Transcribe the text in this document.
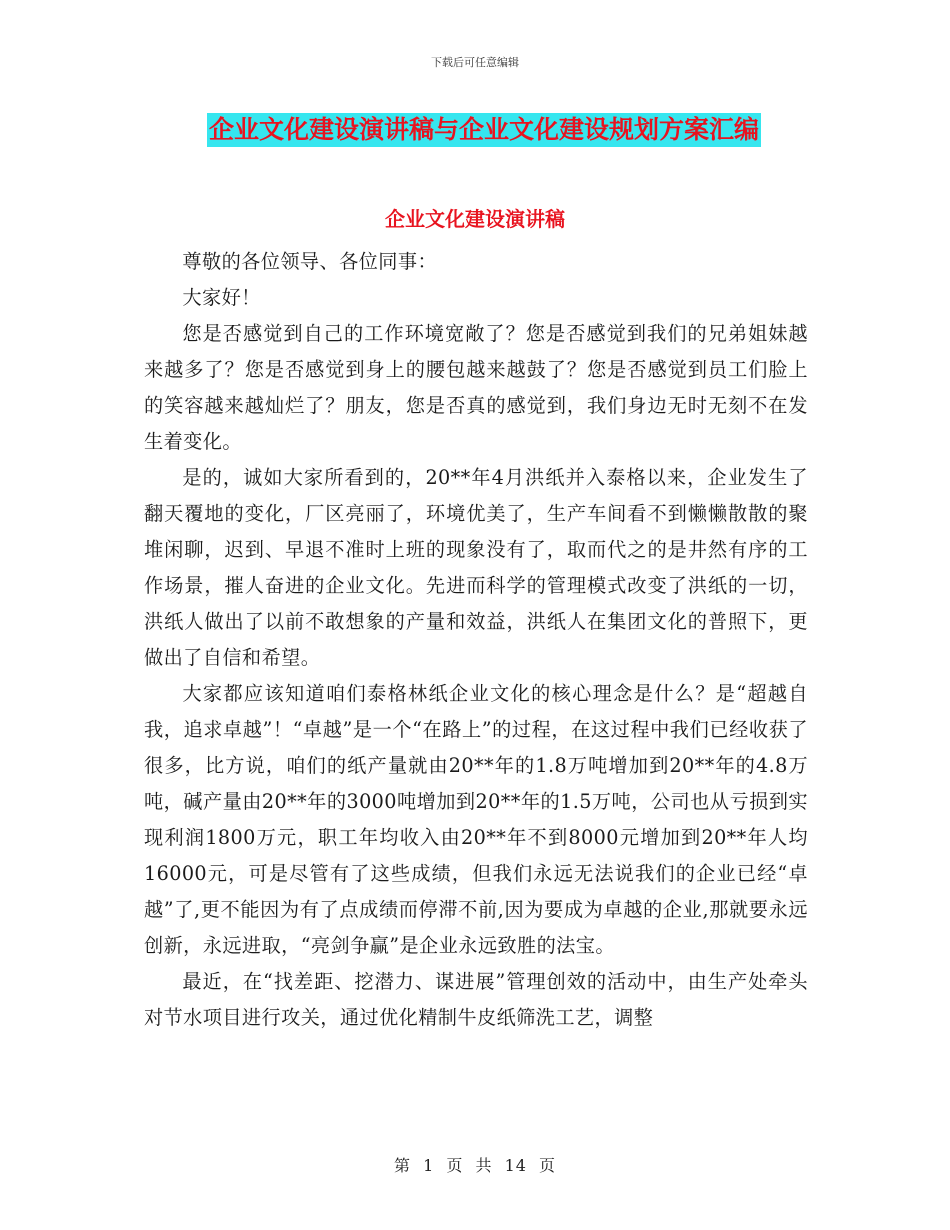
下载后可任意编辑
企业文化建设演讲稿与企业文化建设规划方案汇编
企业文化建设演讲稿

尊敬的各位领导、各位同事：

大家好！

您是否感觉到自己的工作环境宽敞了？您是否感觉到我们的兄弟姐妹越来越多了？您是否感觉到身上的腰包越来越鼓了？您是否感觉到员工们脸上的笑容越来越灿烂了？朋友，您是否真的感觉到，我们身边无时无刻不在发生着变化。

是的，诚如大家所看到的，20**年4月洪纸并入泰格以来，企业发生了翻天覆地的变化，厂区亮丽了，环境优美了，生产车间看不到懒懒散散的聚堆闲聊，迟到、早退不准时上班的现象没有了，取而代之的是井然有序的工作场景，摧人奋进的企业文化。先进而科学的管理模式改变了洪纸的一切，洪纸人做出了以前不敢想象的产量和效益，洪纸人在集团文化的普照下，更做出了自信和希望。

大家都应该知道咱们泰格林纸企业文化的核心理念是什么？是“超越自我，追求卓越”！“卓越”是一个“在路上”的过程，在这过程中我们已经收获了很多，比方说，咱们的纸产量就由20**年的1.8万吨增加到20**年的4.8万吨，碱产量由20**年的3000吨增加到20**年的1.5万吨，公司也从亏损到实现利润1800万元，职工年均收入由20**年不到8000元增加到20**年人均16000元，可是尽管有了这些成绩，但我们永远无法说我们的企业已经“卓越”了,更不能因为有了点成绩而停滞不前,因为要成为卓越的企业,那就要永远创新，永远进取，“亮剑争赢”是企业永远致胜的法宝。

最近，在“找差距、挖潜力、谋进展”管理创效的活动中，由生产处牵头对节水项目进行攻关，通过优化精制牛皮纸筛洗工艺，调整

第 1 页 共 14 页
